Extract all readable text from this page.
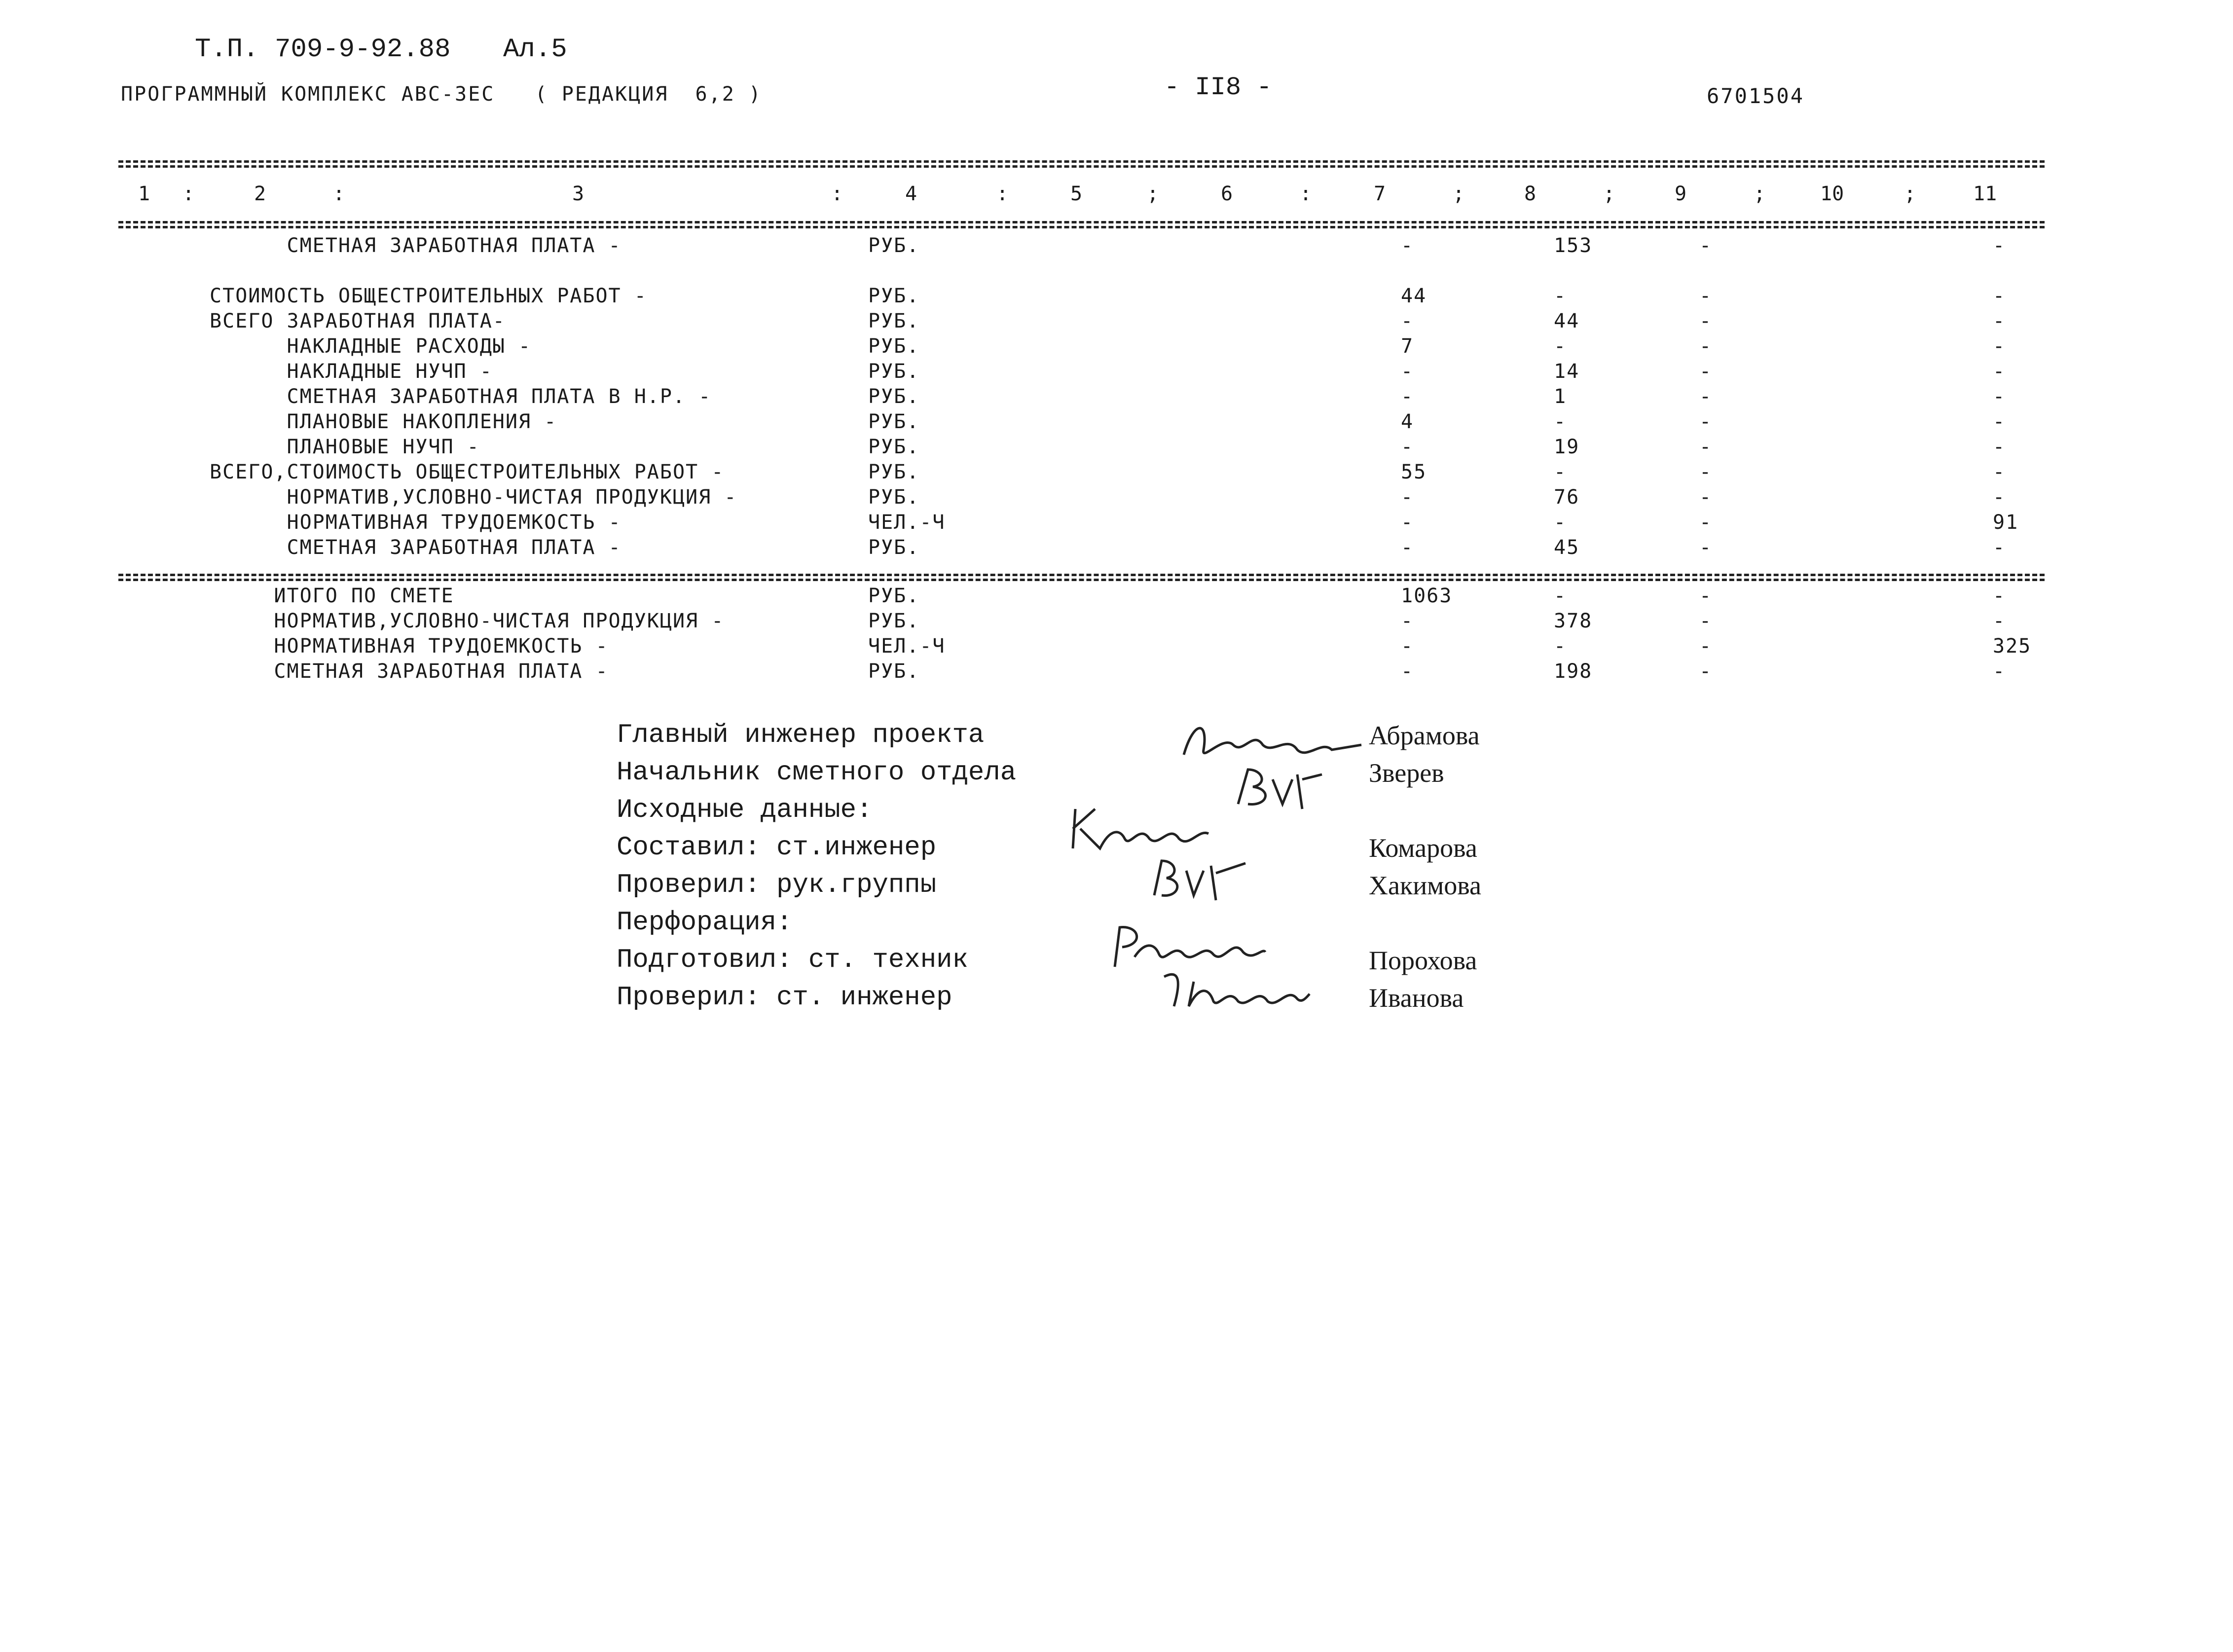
Т.П. 709-9-92.88 Ал.5
ПРОГРАММНЫЙ КОМПЛЕКС АВС-3ЕС   ( РЕДАКЦИЯ  6,2 )	- II8 -	6701504
1 :	2	:	3	:	4	:	5	;	6	:	7	;	8	;	9	;	10	;	11
СМЕТНАЯ ЗАРАБОТНАЯ ПЛАТА -	РУБ.	-	153	-	-
СТОИМОСТЬ ОБЩЕСТРОИТЕЛЬНЫХ РАБОТ -	РУБ.	44	-	-	-
ВСЕГО ЗАРАБОТНАЯ ПЛАТА-	РУБ.	-	44	-	-
НАКЛАДНЫЕ РАСХОДЫ -	РУБ.	7	-	-	-
НАКЛАДНЫЕ НУЧП -	РУБ.	-	14	-	-
СМЕТНАЯ ЗАРАБОТНАЯ ПЛАТА В Н.Р. -	РУБ.	-	1	-	-
ПЛАНОВЫЕ НАКОПЛЕНИЯ -	РУБ.	4	-	-	-
ПЛАНОВЫЕ НУЧП -	РУБ.	-	19	-	-
ВСЕГО,СТОИМОСТЬ ОБЩЕСТРОИТЕЛЬНЫХ РАБОТ -	РУБ.	55	-	-	-
НОРМАТИВ,УСЛОВНО-ЧИСТАЯ ПРОДУКЦИЯ -	РУБ.	-	76	-	-
НОРМАТИВНАЯ ТРУДОЕМКОСТЬ -	ЧЕЛ.-Ч	-	-	-	91
СМЕТНАЯ ЗАРАБОТНАЯ ПЛАТА -	РУБ.	-	45	-	-
ИТОГО ПО СМЕТЕ	РУБ.	1063	-	-	-
НОРМАТИВ,УСЛОВНО-ЧИСТАЯ ПРОДУКЦИЯ -	РУБ.	-	378	-	-
НОРМАТИВНАЯ ТРУДОЕМКОСТЬ -	ЧЕЛ.-Ч	-	-	-	325
СМЕТНАЯ ЗАРАБОТНАЯ ПЛАТА -	РУБ.	-	198	-	-
Главный инженер проекта	Абрамова
Начальник сметного отдела	Зверев
Исходные данные:
Составил: ст.инженер	Комарова
Проверил: рук.группы	Хакимова
Перфорация:
Подготовил: ст. техник	Порохова
Проверил: ст. инженер	Иванова
